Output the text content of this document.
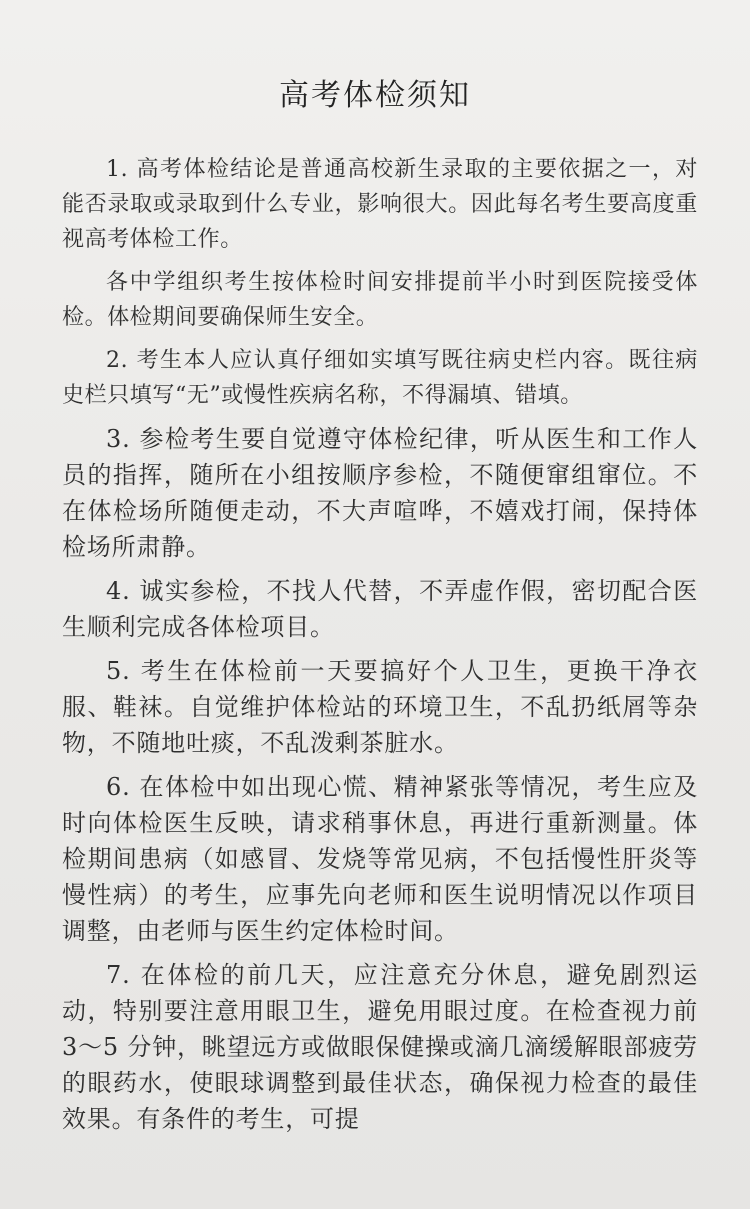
高考体检须知

1. 高考体检结论是普通高校新生录取的主要依据之一，对能否录取或录取到什么专业，影响很大。因此每名考生要高度重视高考体检工作。

各中学组织考生按体检时间安排提前半小时到医院接受体检。体检期间要确保师生安全。

2. 考生本人应认真仔细如实填写既往病史栏内容。既往病史栏只填写“无”或慢性疾病名称，不得漏填、错填。

3. 参检考生要自觉遵守体检纪律，听从医生和工作人员的指挥，随所在小组按顺序参检，不随便窜组窜位。不在体检场所随便走动，不大声喧哗，不嬉戏打闹，保持体检场所肃静。

4. 诚实参检，不找人代替，不弄虚作假，密切配合医生顺利完成各体检项目。

5. 考生在体检前一天要搞好个人卫生，更换干净衣服、鞋袜。自觉维护体检站的环境卫生，不乱扔纸屑等杂物，不随地吐痰，不乱泼剩茶脏水。

6. 在体检中如出现心慌、精神紧张等情况，考生应及时向体检医生反映，请求稍事休息，再进行重新测量。体检期间患病（如感冒、发烧等常见病，不包括慢性肝炎等慢性病）的考生，应事先向老师和医生说明情况以作项目调整，由老师与医生约定体检时间。

7. 在体检的前几天，应注意充分休息，避免剧烈运动，特别要注意用眼卫生，避免用眼过度。在检查视力前 3～5 分钟，眺望远方或做眼保健操或滴几滴缓解眼部疲劳的眼药水，使眼球调整到最佳状态，确保视力检查的最佳效果。有条件的考生，可提
